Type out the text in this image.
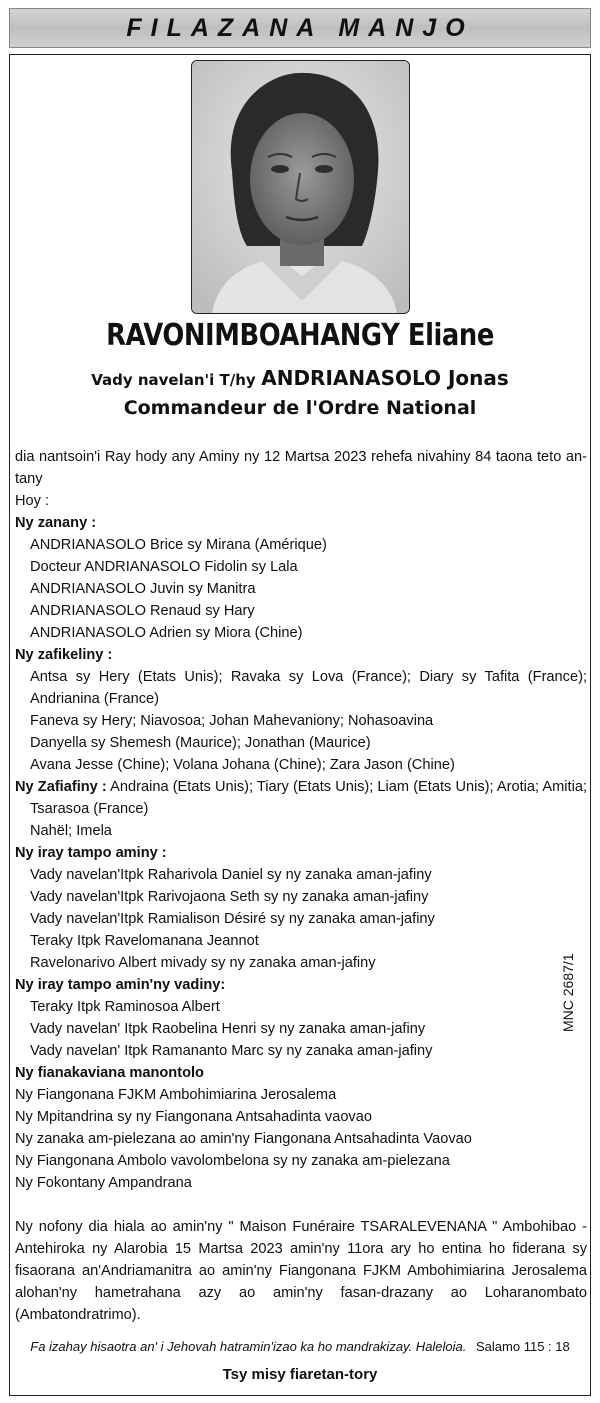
FILAZANA MANJO
RAVONIMBOAHANGY Eliane
Vady navelan'i T/hy ANDRIANASOLO Jonas
Commandeur de l'Ordre National

dia nantsoin'i Ray hody any Aminy ny 12 Martsa 2023 rehefa nivahiny 84 taona teto an-tany

Hoy :

Ny zanany :

ANDRIANASOLO Brice sy Mirana (Amérique)

Docteur ANDRIANASOLO Fidolin sy Lala

ANDRIANASOLO Juvin sy Manitra

ANDRIANASOLO Renaud sy Hary

ANDRIANASOLO Adrien sy Miora (Chine)

Ny zafikeliny :

Antsa sy Hery (Etats Unis); Ravaka sy Lova (France); Diary sy Tafita (France); Andrianina (France)

Faneva sy Hery; Niavosoa; Johan Mahevaniony; Nohasoavina

Danyella sy Shemesh (Maurice); Jonathan (Maurice)

Avana Jesse (Chine); Volana Johana (Chine); Zara Jason (Chine)

Ny Zafiafiny : Andraina (Etats Unis); Tiary (Etats Unis); Liam (Etats Unis); Arotia; Amitia; Tsarasoa (France)

Nahël; Imela

Ny iray tampo aminy :

Vady navelan'Itpk Raharivola Daniel sy ny zanaka aman-jafiny

Vady navelan'Itpk Rarivojaona Seth sy ny zanaka aman-jafiny

Vady navelan'Itpk Ramialison Désiré sy ny zanaka aman-jafiny

Teraky Itpk Ravelomanana Jeannot

Ravelonarivo Albert mivady sy ny zanaka aman-jafiny

Ny iray tampo amin'ny vadiny:

Teraky Itpk Raminosoa Albert

Vady navelan' Itpk Raobelina Henri sy ny zanaka aman-jafiny

Vady navelan' Itpk Ramananto Marc sy ny zanaka aman-jafiny

Ny fianakaviana manontolo

Ny Fiangonana FJKM Ambohimiarina Jerosalema

Ny Mpitandrina sy ny Fiangonana Antsahadinta vaovao

Ny zanaka am-pielezana ao amin'ny Fiangonana Antsahadinta Vaovao

Ny Fiangonana Ambolo vavolombelona sy ny zanaka am-pielezana

Ny Fokontany Ampandrana

Ny nofony dia hiala ao amin'ny " Maison Funéraire TSARALEVENANA " Ambohibao - Antehiroka ny Alarobia 15 Martsa 2023 amin'ny 11ora ary ho entina ho fiderana sy fisaorana an'Andriamanitra ao amin'ny Fiangonana FJKM Ambohimiarina Jerosalema alohan'ny hametrahana azy ao amin'ny fasan-drazany ao Loharanombato (Ambatondratrimo).

MNC 2687/1
Fa izahay hisaotra an' i Jehovah hatramin'izao ka ho mandrakizay. Haleloia. Salamo 115 : 18
Tsy misy fiaretan-tory
